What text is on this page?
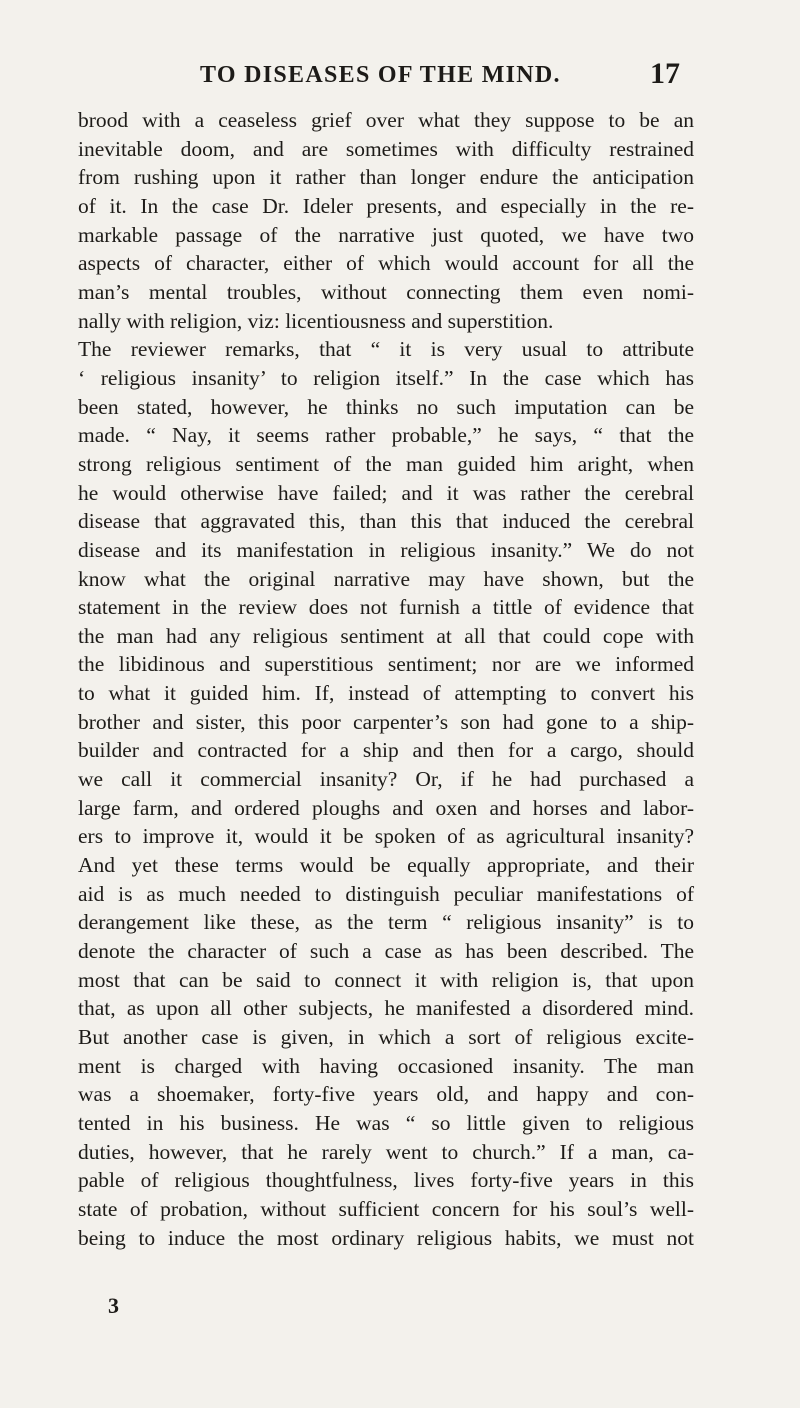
TO DISEASES OF THE MIND.	17
brood with a ceaseless grief over what they suppose to be an
inevitable doom, and are sometimes with difficulty restrained
from rushing upon it rather than longer endure the anticipation
of it. In the case Dr. Ideler presents, and especially in the re-
markable passage of the narrative just quoted, we have two
aspects of character, either of which would account for all the
man’s mental troubles, without connecting them even nomi-
nally with religion, viz: licentiousness and superstition.
The reviewer remarks, that “ it is very usual to attribute
‘ religious insanity’ to religion itself.” In the case which has
been stated, however, he thinks no such imputation can be
made. “ Nay, it seems rather probable,” he says, “ that the
strong religious sentiment of the man guided him aright, when
he would otherwise have failed; and it was rather the cerebral
disease that aggravated this, than this that induced the cerebral
disease and its manifestation in religious insanity.” We do not
know what the original narrative may have shown, but the
statement in the review does not furnish a tittle of evidence that
the man had any religious sentiment at all that could cope with
the libidinous and superstitious sentiment; nor are we informed
to what it guided him. If, instead of attempting to convert his
brother and sister, this poor carpenter’s son had gone to a ship-
builder and contracted for a ship and then for a cargo, should
we call it commercial insanity? Or, if he had purchased a
large farm, and ordered ploughs and oxen and horses and labor-
ers to improve it, would it be spoken of as agricultural insanity?
And yet these terms would be equally appropriate, and their
aid is as much needed to distinguish peculiar manifestations of
derangement like these, as the term “ religious insanity” is to
denote the character of such a case as has been described. The
most that can be said to connect it with religion is, that upon
that, as upon all other subjects, he manifested a disordered mind.
But another case is given, in which a sort of religious excite-
ment is charged with having occasioned insanity. The man
was a shoemaker, forty-five years old, and happy and con-
tented in his business. He was “ so little given to religious
duties, however, that he rarely went to church.” If a man, ca-
pable of religious thoughtfulness, lives forty-five years in this
state of probation, without sufficient concern for his soul’s well-
being to induce the most ordinary religious habits, we must not
3
